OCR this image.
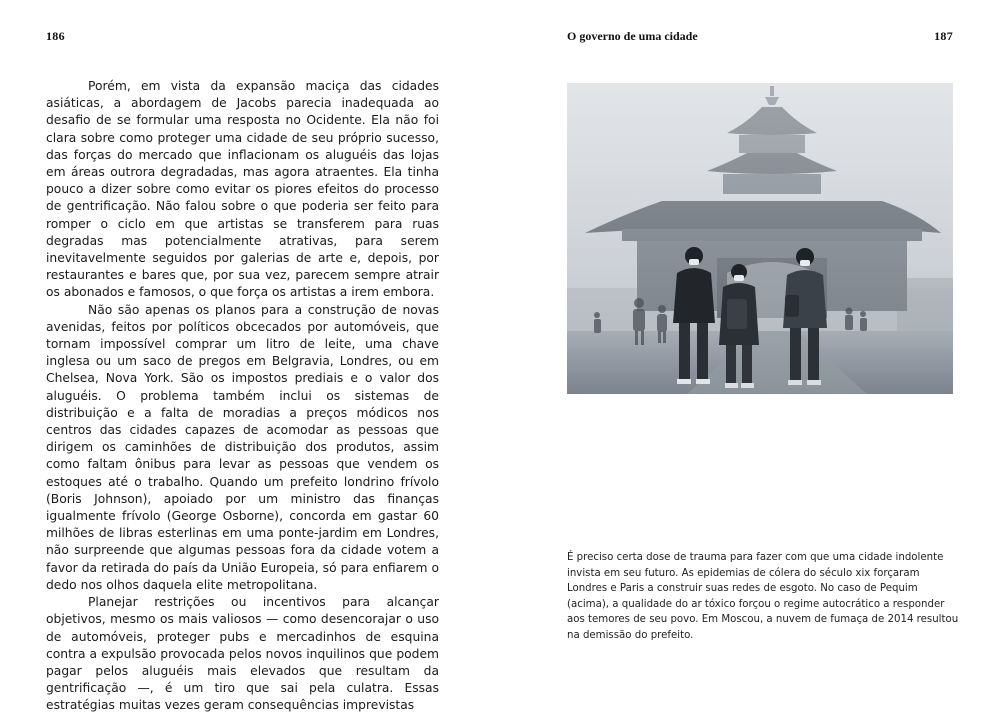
186

Porém, em vista da expansão maciça das cidades asiáticas, a abordagem de Jacobs parecia inadequada ao desafio de se formular uma resposta no Ocidente. Ela não foi clara sobre como proteger uma cidade de seu próprio sucesso, das forças do mercado que inflacionam os aluguéis das lojas em áreas outrora degradadas, mas agora atraentes. Ela tinha pouco a dizer sobre como evitar os piores efeitos do processo de gentrificação. Não falou sobre o que poderia ser feito para romper o ciclo em que artistas se transferem para ruas degradas mas potencialmente atrativas, para serem inevitavelmente seguidos por galerias de arte e, depois, por restaurantes e bares que, por sua vez, parecem sempre atrair os abonados e famosos, o que força os artistas a irem embora.

Não são apenas os planos para a construção de novas avenidas, feitos por políticos obcecados por automóveis, que tornam impossível comprar um litro de leite, uma chave inglesa ou um saco de pregos em Belgravia, Londres, ou em Chelsea, Nova York. São os impostos prediais e o valor dos aluguéis. O problema também inclui os sistemas de distribuição e a falta de moradias a preços módicos nos centros das cidades capazes de acomodar as pessoas que dirigem os caminhões de distribuição dos produtos, assim como faltam ônibus para levar as pessoas que vendem os estoques até o trabalho. Quando um prefeito londrino frívolo (Boris Johnson), apoiado por um ministro das finanças igualmente frívolo (George Osborne), concorda em gastar 60 milhões de libras esterlinas em uma ponte-jardim em Londres, não surpreende que algumas pessoas fora da cidade votem a favor da retirada do país da União Europeia, só para enfiarem o dedo nos olhos daquela elite metropolitana.

Planejar restrições ou incentivos para alcançar objetivos, mesmo os mais valiosos — como desencorajar o uso de automóveis, proteger pubs e mercadinhos de esquina contra a expulsão provocada pelos novos inquilinos que podem pagar pelos aluguéis mais elevados que resultam da gentrificação —, é um tiro que sai pela culatra. Essas estratégias muitas vezes geram consequências imprevistas

O governo de uma cidade	187
É preciso certa dose de trauma para fazer com que uma cidade indolente invista em seu futuro. As epidemias de cólera do século xix forçaram Londres e Paris a construir suas redes de esgoto. No caso de Pequim (acima), a qualidade do ar tóxico forçou o regime autocrático a responder aos temores de seu povo. Em Moscou, a nuvem de fumaça de 2014 resultou na demissão do prefeito.
